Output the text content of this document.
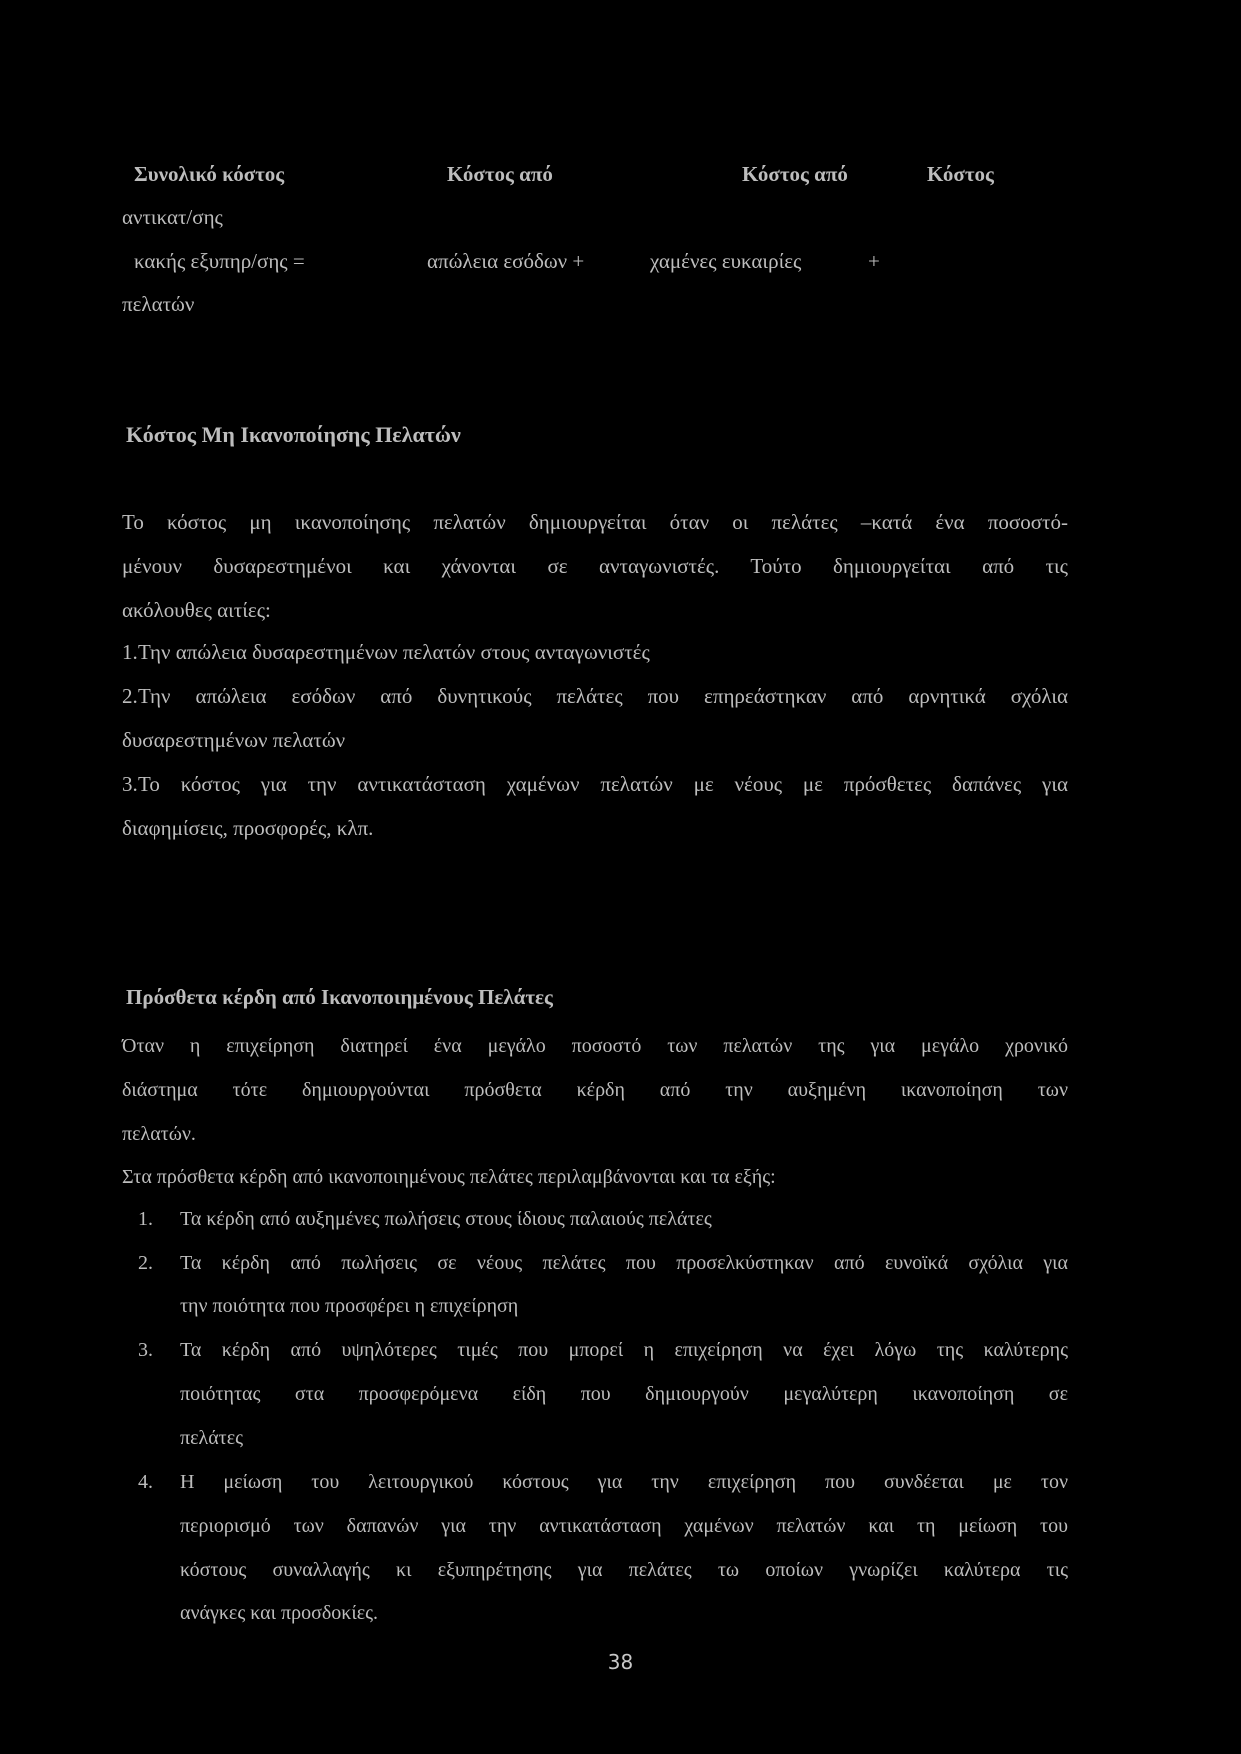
Συνολικό κόστος	Κόστος από	Κόστος από	Κόστος
αντικατ/σης
κακής εξυπηρ/σης =	απώλεια εσόδων +	χαμένες ευκαιρίες	+
πελατών
Κόστος Μη Ικανοποίησης Πελατών
Το κόστος μη ικανοποίησης πελατών δημιουργείται όταν οι πελάτες –κατά ένα ποσοστό-
μένουν δυσαρεστημένοι και χάνονται σε ανταγωνιστές. Τούτο δημιουργείται από τις
ακόλουθες αιτίες:
1. Την απώλεια δυσαρεστημένων πελατών στους ανταγωνιστές
2. Την απώλεια εσόδων από δυνητικούς πελάτες που επηρεάστηκαν από αρνητικά σχόλια
δυσαρεστημένων πελατών
3. Το κόστος για την αντικατάσταση χαμένων πελατών με νέους με πρόσθετες δαπάνες για
διαφημίσεις, προσφορές, κλπ.
Πρόσθετα κέρδη από Ικανοποιημένους Πελάτες
Όταν η επιχείρηση διατηρεί ένα μεγάλο ποσοστό των πελατών της για μεγάλο χρονικό
διάστημα τότε δημιουργούνται πρόσθετα κέρδη από την αυξημένη ικανοποίηση των
πελατών.
Στα πρόσθετα κέρδη από ικανοποιημένους πελάτες περιλαμβάνονται και τα εξής:
1. Τα κέρδη από αυξημένες πωλήσεις στους ίδιους παλαιούς πελάτες
2. Τα κέρδη από πωλήσεις σε νέους πελάτες που προσελκύστηκαν από ευνοϊκά σχόλια για
την ποιότητα που προσφέρει η επιχείρηση
3. Τα κέρδη από υψηλότερες τιμές που μπορεί η επιχείρηση να έχει λόγω της καλύτερης
ποιότητας στα προσφερόμενα είδη που δημιουργούν μεγαλύτερη ικανοποίηση σε
πελάτες
4. Η μείωση του λειτουργικού κόστους για την επιχείρηση που συνδέεται με τον
περιορισμό των δαπανών για την αντικατάσταση χαμένων πελατών και τη μείωση του
κόστους συναλλαγής κι εξυπηρέτησης για πελάτες τω οποίων γνωρίζει καλύτερα τις
ανάγκες και προσδοκίες.
38
